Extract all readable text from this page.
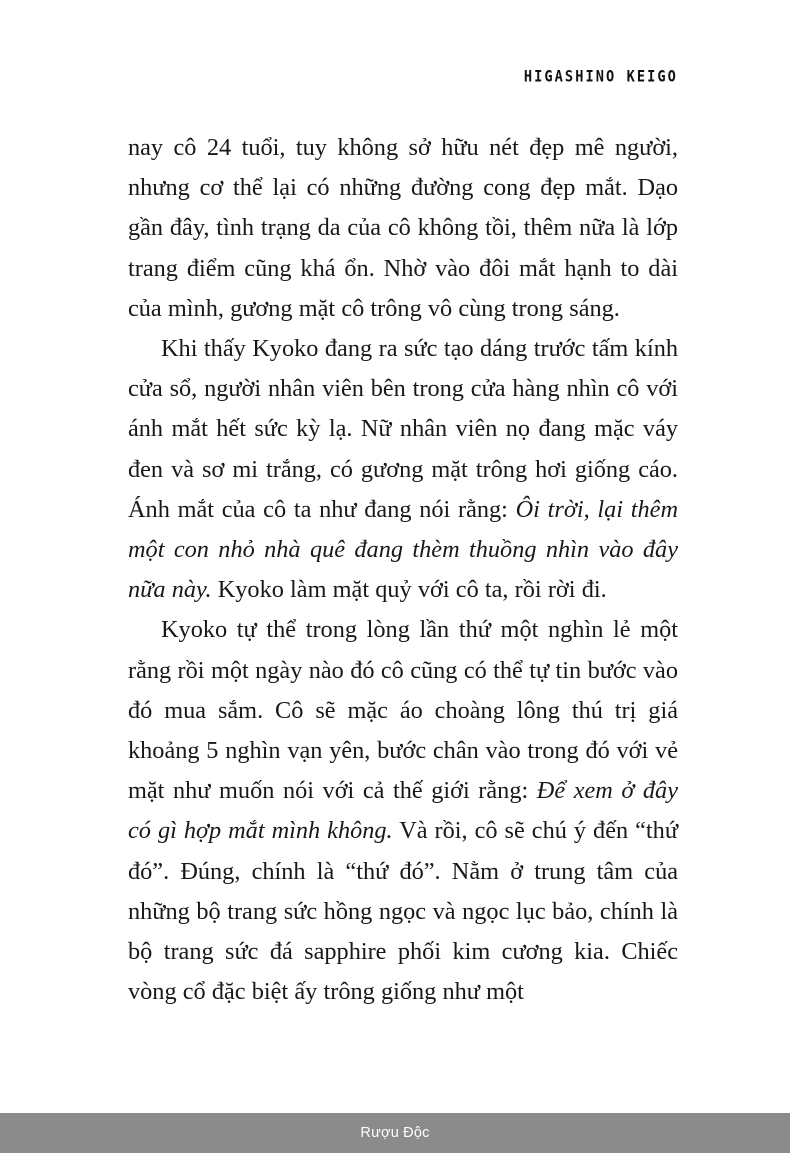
HIGASHINO KEIGO

nay cô 24 tuổi, tuy không sở hữu nét đẹp mê người, nhưng cơ thể lại có những đường cong đẹp mắt. Dạo gần đây, tình trạng da của cô không tồi, thêm nữa là lớp trang điểm cũng khá ổn. Nhờ vào đôi mắt hạnh to dài của mình, gương mặt cô trông vô cùng trong sáng.

Khi thấy Kyoko đang ra sức tạo dáng trước tấm kính cửa sổ, người nhân viên bên trong cửa hàng nhìn cô với ánh mắt hết sức kỳ lạ. Nữ nhân viên nọ đang mặc váy đen và sơ mi trắng, có gương mặt trông hơi giống cáo. Ánh mắt của cô ta như đang nói rằng: Ôi trời, lại thêm một con nhỏ nhà quê đang thèm thuồng nhìn vào đây nữa này. Kyoko làm mặt quỷ với cô ta, rồi rời đi.

Kyoko tự thể trong lòng lần thứ một nghìn lẻ một rằng rồi một ngày nào đó cô cũng có thể tự tin bước vào đó mua sắm. Cô sẽ mặc áo choàng lông thú trị giá khoảng 5 nghìn vạn yên, bước chân vào trong đó với vẻ mặt như muốn nói với cả thế giới rằng: Để xem ở đây có gì hợp mắt mình không. Và rồi, cô sẽ chú ý đến “thứ đó”. Đúng, chính là “thứ đó”. Nằm ở trung tâm của những bộ trang sức hồng ngọc và ngọc lục bảo, chính là bộ trang sức đá sapphire phối kim cương kia. Chiếc vòng cổ đặc biệt ấy trông giống như một

Rượu Độc
